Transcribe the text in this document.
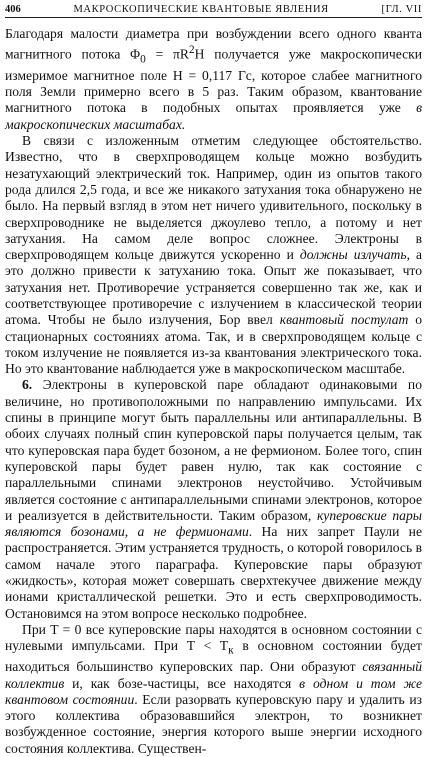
406	МАКРОСКОПИЧЕСКИЕ КВАНТОВЫЕ ЯВЛЕНИЯ	[ГЛ. VII

Благодаря малости диаметра при возбуждении всего одного кванта магнитного потока $\Phi_0 = \pi R^2H$ получается уже макроскопически измеримое магнитное поле H = 0,117 Гс, которое слабее магнитного поля Земли примерно всего в 5 раз. Таким образом, квантование магнитного потока в подобных опытах проявляется уже в макроскопических масштабах.

В связи с изложенным отметим следующее обстоятельство. Известно, что в сверхпроводящем кольце можно возбудить незатухающий электрический ток. Например, один из опытов такого рода длился 2,5 года, и все же никакого затухания тока обнаружено не было. На первый взгляд в этом нет ничего удивительного, поскольку в сверхпроводнике не выделяется джоулево тепло, а потому и нет затухания. На самом деле вопрос сложнее. Электроны в сверхпроводящем кольце движутся ускоренно и должны излучать, а это должно привести к затуханию тока. Опыт же показывает, что затухания нет. Противоречие устраняется совершенно так же, как и соответствующее противоречие с излучением в классической теории атома. Чтобы не было излучения, Бор ввел квантовый постулат о стационарных состояниях атома. Так, и в сверхпроводящем кольце с током излучение не появляется из-за квантования электрического тока. Но это квантование наблюдается уже в макроскопическом масштабе.

6. Электроны в куперовской паре обладают одинаковыми по величине, но противоположными по направлению импульсами. Их спины в принципе могут быть параллельны или антипараллельны. В обоих случаях полный спин куперовской пары получается целым, так что куперовская пара будет бозоном, а не фермионом. Более того, спин куперовской пары будет равен нулю, так как состояние с параллельными спинами электронов неустойчиво. Устойчивым является состояние с антипараллельными спинами электронов, которое и реализуется в действительности. Таким образом, куперовские пары являются бозонами, а не фермионами. На них запрет Паули не распространяется. Этим устраняется трудность, о которой говорилось в самом начале этого параграфа. Куперовские пары образуют «жидкость», которая может совершать сверхтекучее движение между ионами кристаллической решетки. Это и есть сверхпроводимость. Остановимся на этом вопросе несколько подробнее.

При T = 0 все куперовские пары находятся в основном состоянии с нулевыми импульсами. При $T < T_к$ в основном состоянии будет находиться большинство куперовских пар. Они образуют связанный коллектив и, как бозе-частицы, все находятся в одном и том же квантовом состоянии. Если разорвать куперовскую пару и удалить из этого коллектива образовавшийся электрон, то возникнет возбужденное состояние, энергия которого выше энергии исходного состояния коллектива. Существен-
